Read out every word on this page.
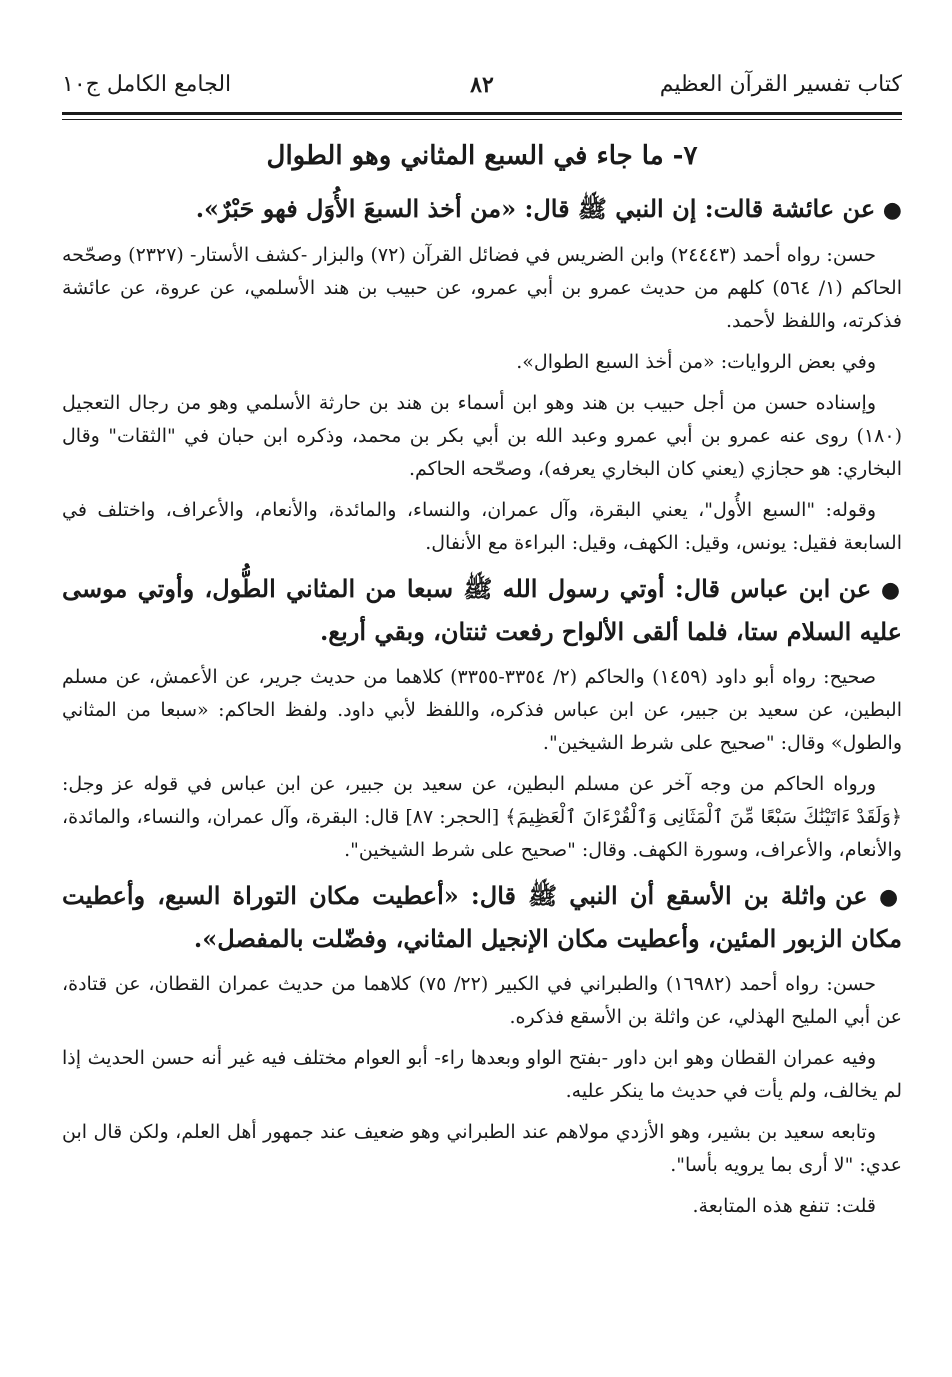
كتاب تفسير القرآن العظيم
٨٢
الجامع الكامل ج١٠
٧- ما جاء في السبع المثاني وهو الطوال

● عن عائشة قالت: إن النبي ﷺ قال: «من أخذ السبعَ الأُوَل فهو حَبْرٌ».

حسن: رواه أحمد (٢٤٤٤٣) وابن الضريس في فضائل القرآن (٧٢) والبزار -كشف الأستار- (٢٣٢٧) وصحّحه الحاكم (١/ ٥٦٤) كلهم من حديث عمرو بن أبي عمرو، عن حبيب بن هند الأسلمي، عن عروة، عن عائشة فذكرته، واللفظ لأحمد.

وفي بعض الروايات: «من أخذ السبع الطوال».

وإسناده حسن من أجل حبيب بن هند وهو ابن أسماء بن هند بن حارثة الأسلمي وهو من رجال التعجيل (١٨٠) روى عنه عمرو بن أبي عمرو وعبد الله بن أبي بكر بن محمد، وذكره ابن حبان في "الثقات" وقال البخاري: هو حجازي (يعني كان البخاري يعرفه)، وصحّحه الحاكم.

وقوله: "السبع الأُول"، يعني البقرة، وآل عمران، والنساء، والمائدة، والأنعام، والأعراف، واختلف في السابعة فقيل: يونس، وقيل: الكهف، وقيل: البراءة مع الأنفال.

● عن ابن عباس قال: أوتي رسول الله ﷺ سبعا من المثاني الطُّول، وأوتي موسى عليه السلام ستا، فلما ألقى الألواح رفعت ثنتان، وبقي أربع.

صحيح: رواه أبو داود (١٤٥٩) والحاكم (٢/ ٣٣٥٤-٣٣٥٥) كلاهما من حديث جرير، عن الأعمش، عن مسلم البطين، عن سعيد بن جبير، عن ابن عباس فذكره، واللفظ لأبي داود. ولفظ الحاكم: «سبعا من المثاني والطول» وقال: "صحيح على شرط الشيخين".

ورواه الحاكم من وجه آخر عن مسلم البطين، عن سعيد بن جبير، عن ابن عباس في قوله عز وجل: ﴿وَلَقَدْ ءَاتَيْنَٰكَ سَبْعًا مِّنَ ٱلْمَثَانِى وَٱلْقُرْءَانَ ٱلْعَظِيمَ﴾ [الحجر: ٨٧] قال: البقرة، وآل عمران، والنساء، والمائدة، والأنعام، والأعراف، وسورة الكهف. وقال: "صحيح على شرط الشيخين".

● عن واثلة بن الأسقع أن النبي ﷺ قال: «أعطيت مكان التوراة السبع، وأعطيت مكان الزبور المئين، وأعطيت مكان الإنجيل المثاني، وفضّلت بالمفصل».

حسن: رواه أحمد (١٦٩٨٢) والطبراني في الكبير (٢٢/ ٧٥) كلاهما من حديث عمران القطان، عن قتادة، عن أبي المليح الهذلي، عن واثلة بن الأسقع فذكره.

وفيه عمران القطان وهو ابن داور -بفتح الواو وبعدها راء- أبو العوام مختلف فيه غير أنه حسن الحديث إذا لم يخالف، ولم يأت في حديث ما ينكر عليه.

وتابعه سعيد بن بشير، وهو الأزدي مولاهم عند الطبراني وهو ضعيف عند جمهور أهل العلم، ولكن قال ابن عدي: "لا أرى بما يرويه بأسا".

قلت: تنفع هذه المتابعة.
